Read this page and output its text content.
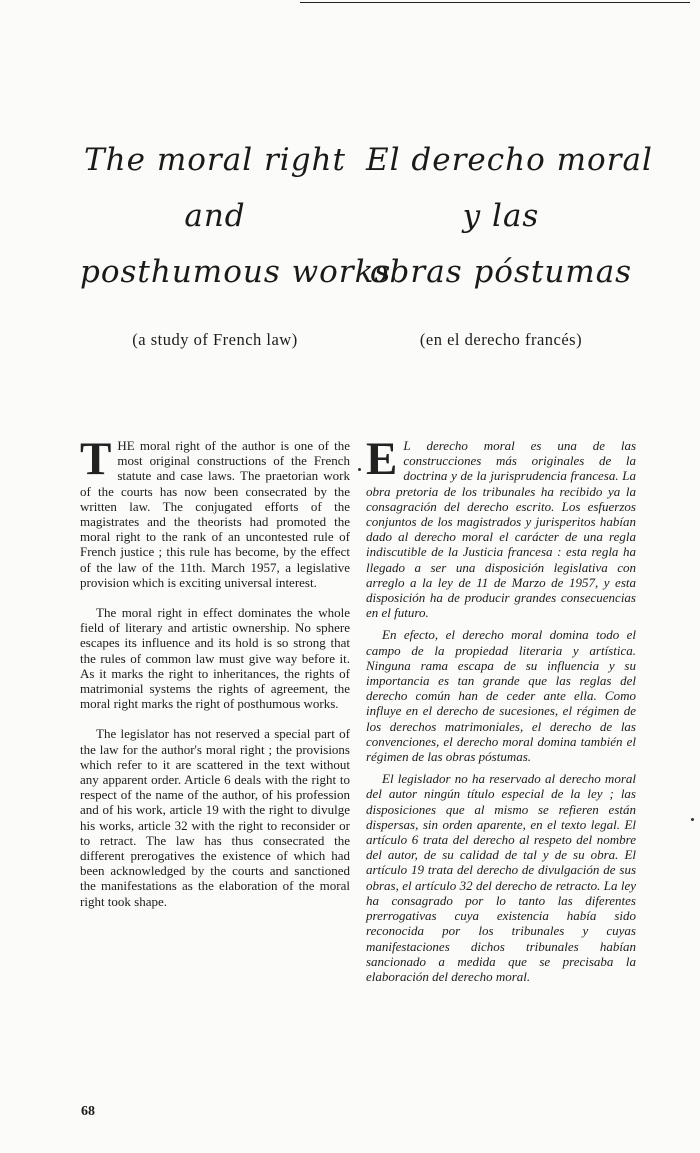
The moral right
and
posthumous works
(a study of French law)

THE moral right of the author is one of the most original constructions of the French statute and case laws. The praetorian work of the courts has now been consecrated by the written law. The conjugated efforts of the magistrates and the theorists had promoted the moral right to the rank of an uncontested rule of French justice ; this rule has become, by the effect of the law of the 11th. March 1957, a legislative provision which is exciting universal interest.

The moral right in effect dominates the whole field of literary and artistic ownership. No sphere escapes its influence and its hold is so strong that the rules of common law must give way before it. As it marks the right to inheritances, the rights of matrimonial systems the rights of agreement, the moral right marks the right of posthumous works.

The legislator has not reserved a special part of the law for the author's moral right ; the provisions which refer to it are scattered in the text without any apparent order. Article 6 deals with the right to respect of the name of the author, of his profession and of his work, article 19 with the right to divulge his works, article 32 with the right to reconsider or to retract. The law has thus consecrated the different prerogatives the existence of which had been acknowledged by the courts and sanctioned the manifestations as the elaboration of the moral right took shape.

El derecho moral
y las
obras póstumas
(en el derecho francés)

E L derecho moral es una de las construcciones más originales de la doctrina y de la jurisprudencia francesa. La obra pretoria de los tribunales ha recibido ya la consagración del derecho escrito. Los esfuerzos conjuntos de los magistrados y jurisperitos habían dado al derecho moral el carácter de una regla indiscutible de la Justicia francesa : esta regla ha llegado a ser una disposición legislativa con arreglo a la ley de 11 de Marzo de 1957, y esta disposición ha de producir grandes consecuencias en el futuro.

En efecto, el derecho moral domina todo el campo de la propiedad literaria y artística. Ninguna rama escapa de su influencia y su importancia es tan grande que las reglas del derecho común han de ceder ante ella. Como influye en el derecho de sucesiones, el régimen de los derechos matrimoniales, el derecho de las convenciones, el derecho moral domina también el régimen de las obras póstumas.

El legislador no ha reservado al derecho moral del autor ningún título especial de la ley ; las disposiciones que al mismo se refieren están dispersas, sin orden aparente, en el texto legal. El artículo 6 trata del derecho al respeto del nombre del autor, de su calidad de tal y de su obra. El artículo 19 trata del derecho de divulgación de sus obras, el artículo 32 del derecho de retracto. La ley ha consagrado por lo tanto las diferentes prerrogativas cuya existencia había sido reconocida por los tribunales y cuyas manifestaciones dichos tribunales habían sancionado a medida que se precisaba la elaboración del derecho moral.

68
